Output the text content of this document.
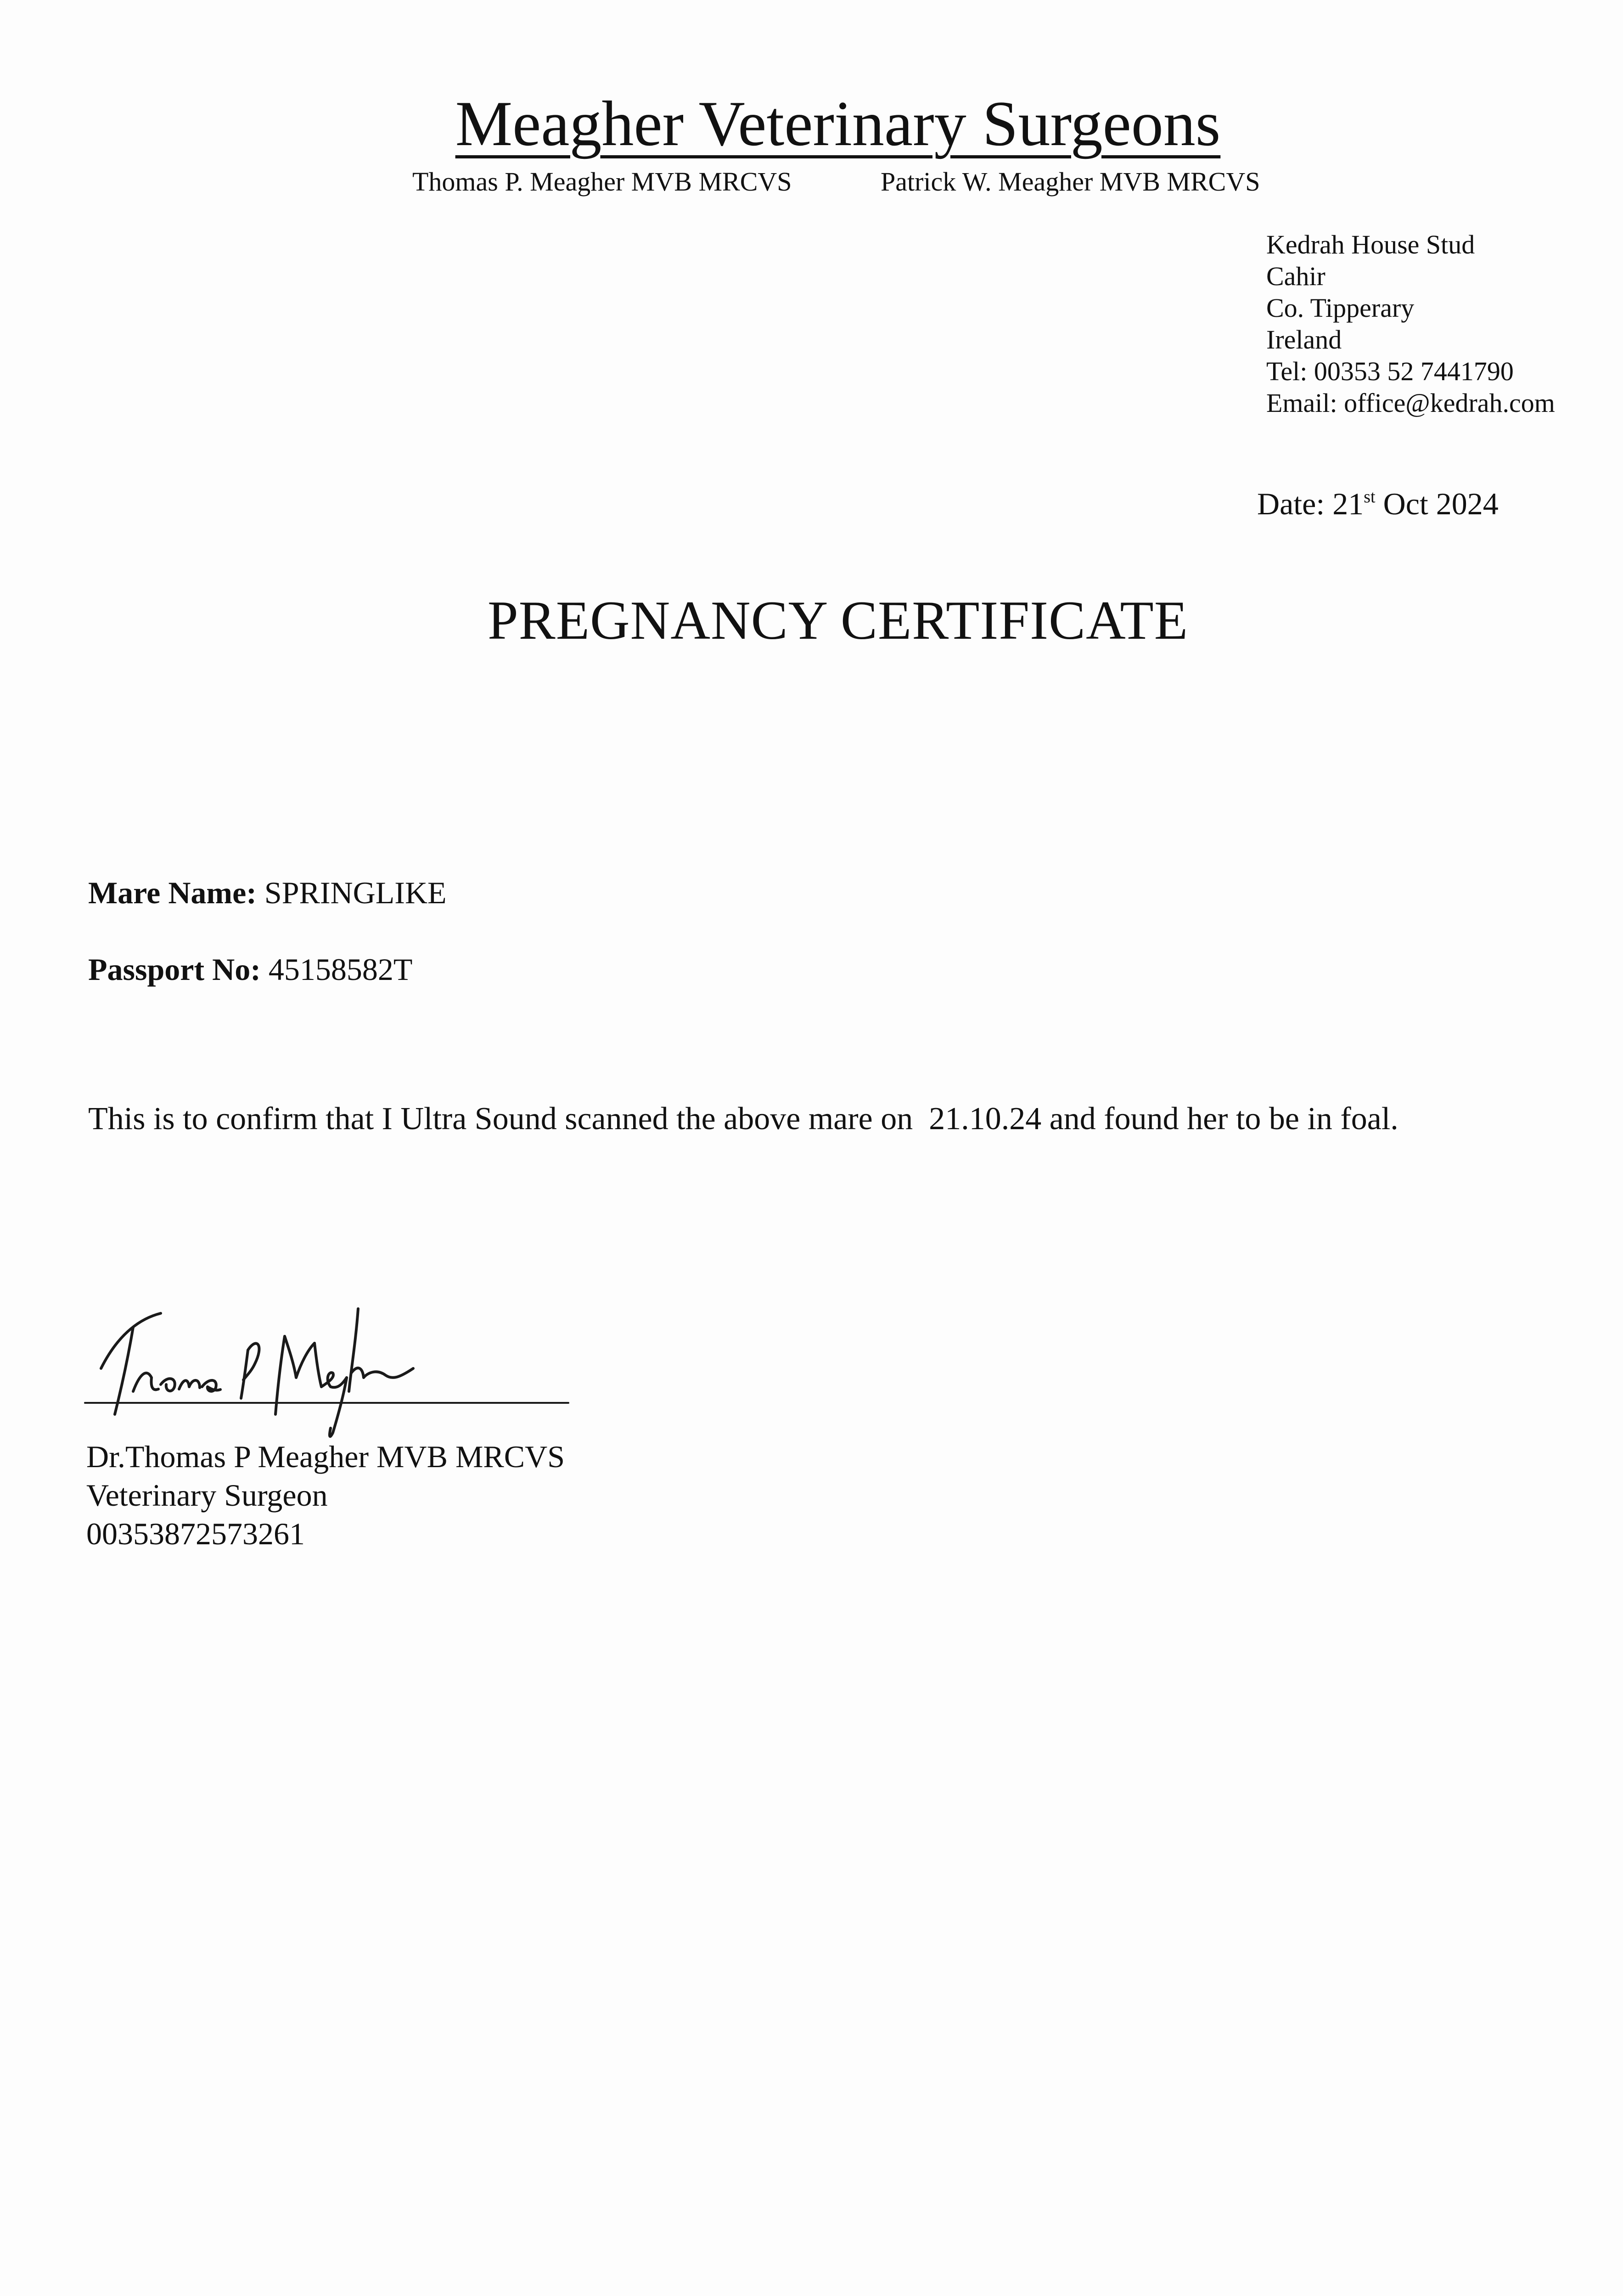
Meagher Veterinary Surgeons
Thomas P. Meagher MVB MRCVS	Patrick W. Meagher MVB MRCVS
Kedrah House Stud
Cahir
Co. Tipperary
Ireland
Tel: 00353 52 7441790
Email: office@kedrah.com
Date: 21st Oct 2024
PREGNANCY CERTIFICATE
Mare Name: SPRINGLIKE
Passport No: 45158582T
This is to confirm that I Ultra Sound scanned the above mare on  21.10.24 and found her to be in foal.
Dr.Thomas P Meagher MVB MRCVS
Veterinary Surgeon
00353872573261
